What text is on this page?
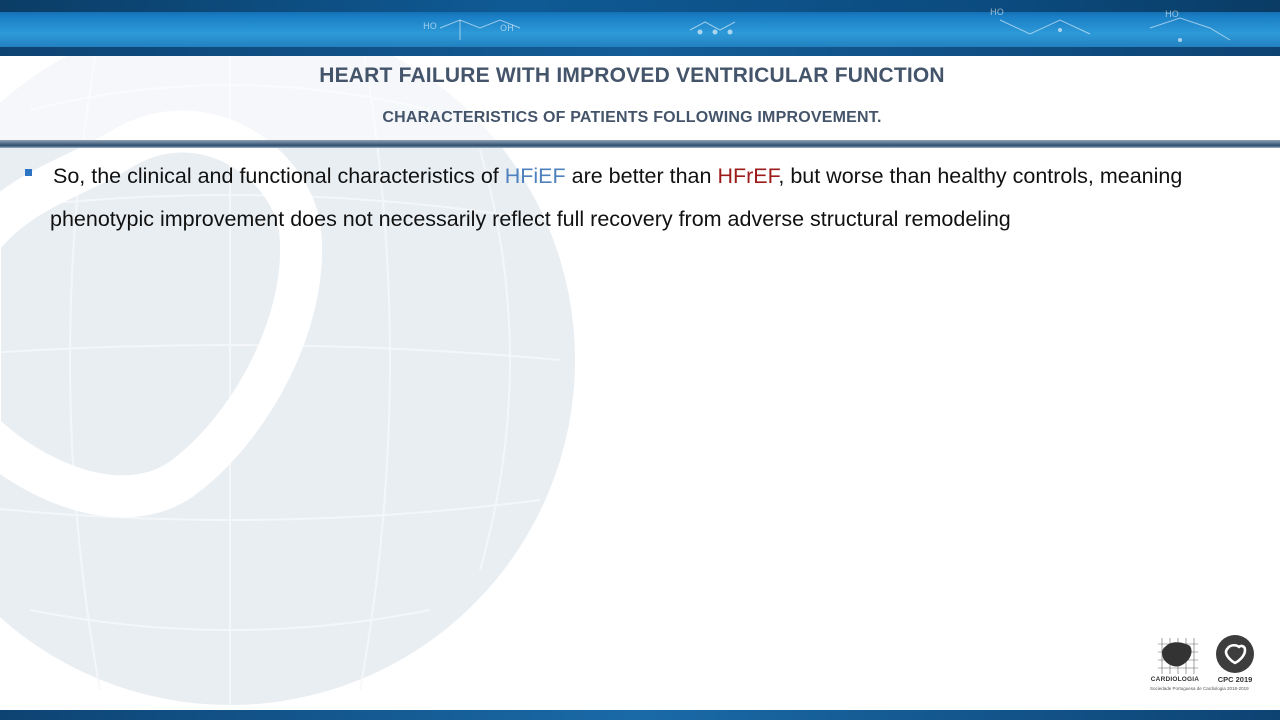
HO	OH
HO	HO
HEART FAILURE WITH IMPROVED VENTRICULAR FUNCTION
CHARACTERISTICS OF PATIENTS FOLLOWING IMPROVEMENT.
So, the clinical and functional characteristics of HFiEF are better than HFrEF, but worse than healthy controls, meaning phenotypic improvement does not necessarily reflect full recovery from adverse structural remodeling
CARDIOLOGIA	CPC 2019
Sociedade Portuguesa de Cardiologia 2018-2019
